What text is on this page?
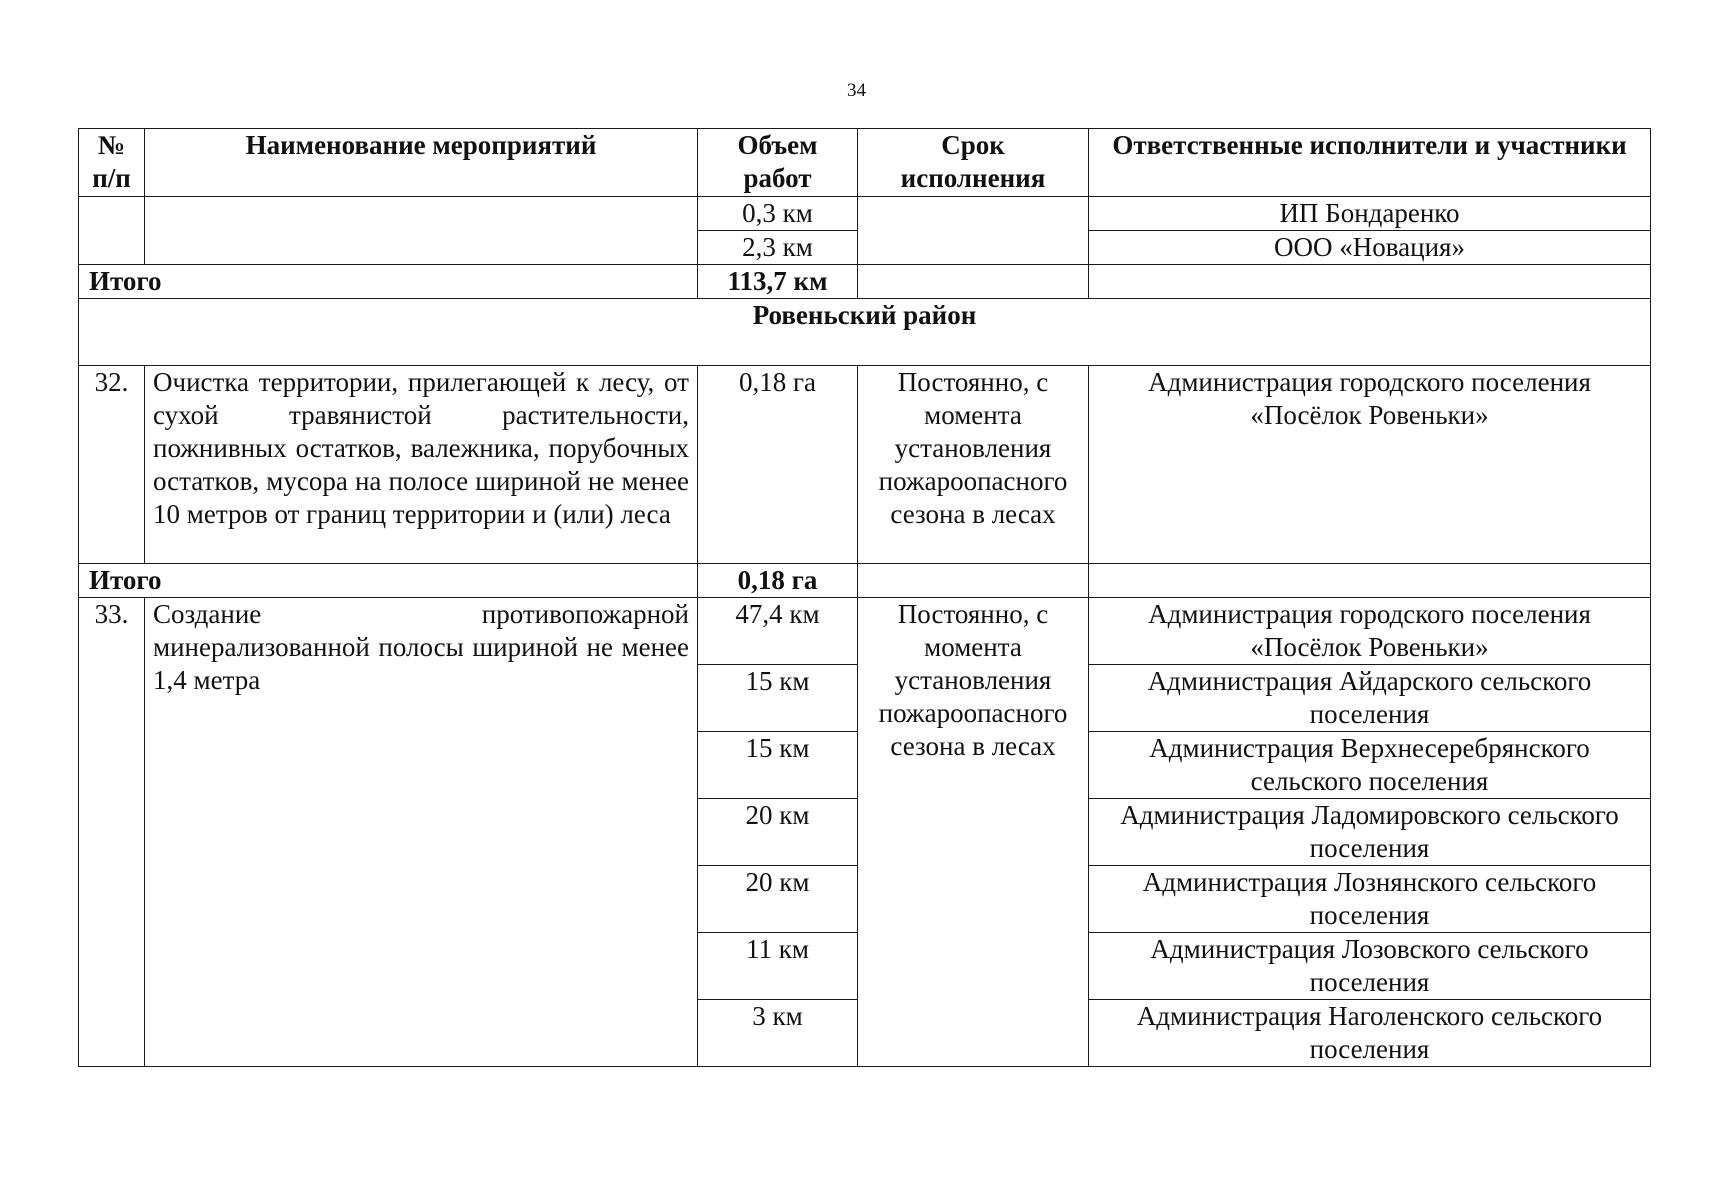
34
№ п/п	Наименование мероприятий	Объем работ	Срок исполнения	Ответственные исполнители и участники
		0,3 км		ИП Бондаренко
		2,3 км		ООО «Новация»
Итого		113,7 км		
Ровеньский район				
32.	Очистка территории, прилегающей к лесу, от сухой травянистой растительности, пожнивных остатков, валежника, порубочных остатков, мусора на полосе шириной не менее 10 метров от границ территории и (или) леса	0,18 га	Постоянно, с момента установления пожароопасного сезона в лесах	Администрация городского поселения «Посёлок Ровеньки»
Итого		0,18 га		
33.	Создание противопожарной минерализованной полосы шириной не менее 1,4 метра	47,4 км	Постоянно, с момента установления пожароопасного сезона в лесах	Администрация городского поселения «Посёлок Ровеньки»
		15 км		Администрация Айдарского сельского поселения
		15 км		Администрация Верхнесеребрянского сельского поселения
		20 км		Администрация Ладомировского сельского поселения
		20 км		Администрация Лознянского сельского поселения
		11 км		Администрация Лозовского сельского поселения
		3 км		Администрация Наголенского сельского поселения
